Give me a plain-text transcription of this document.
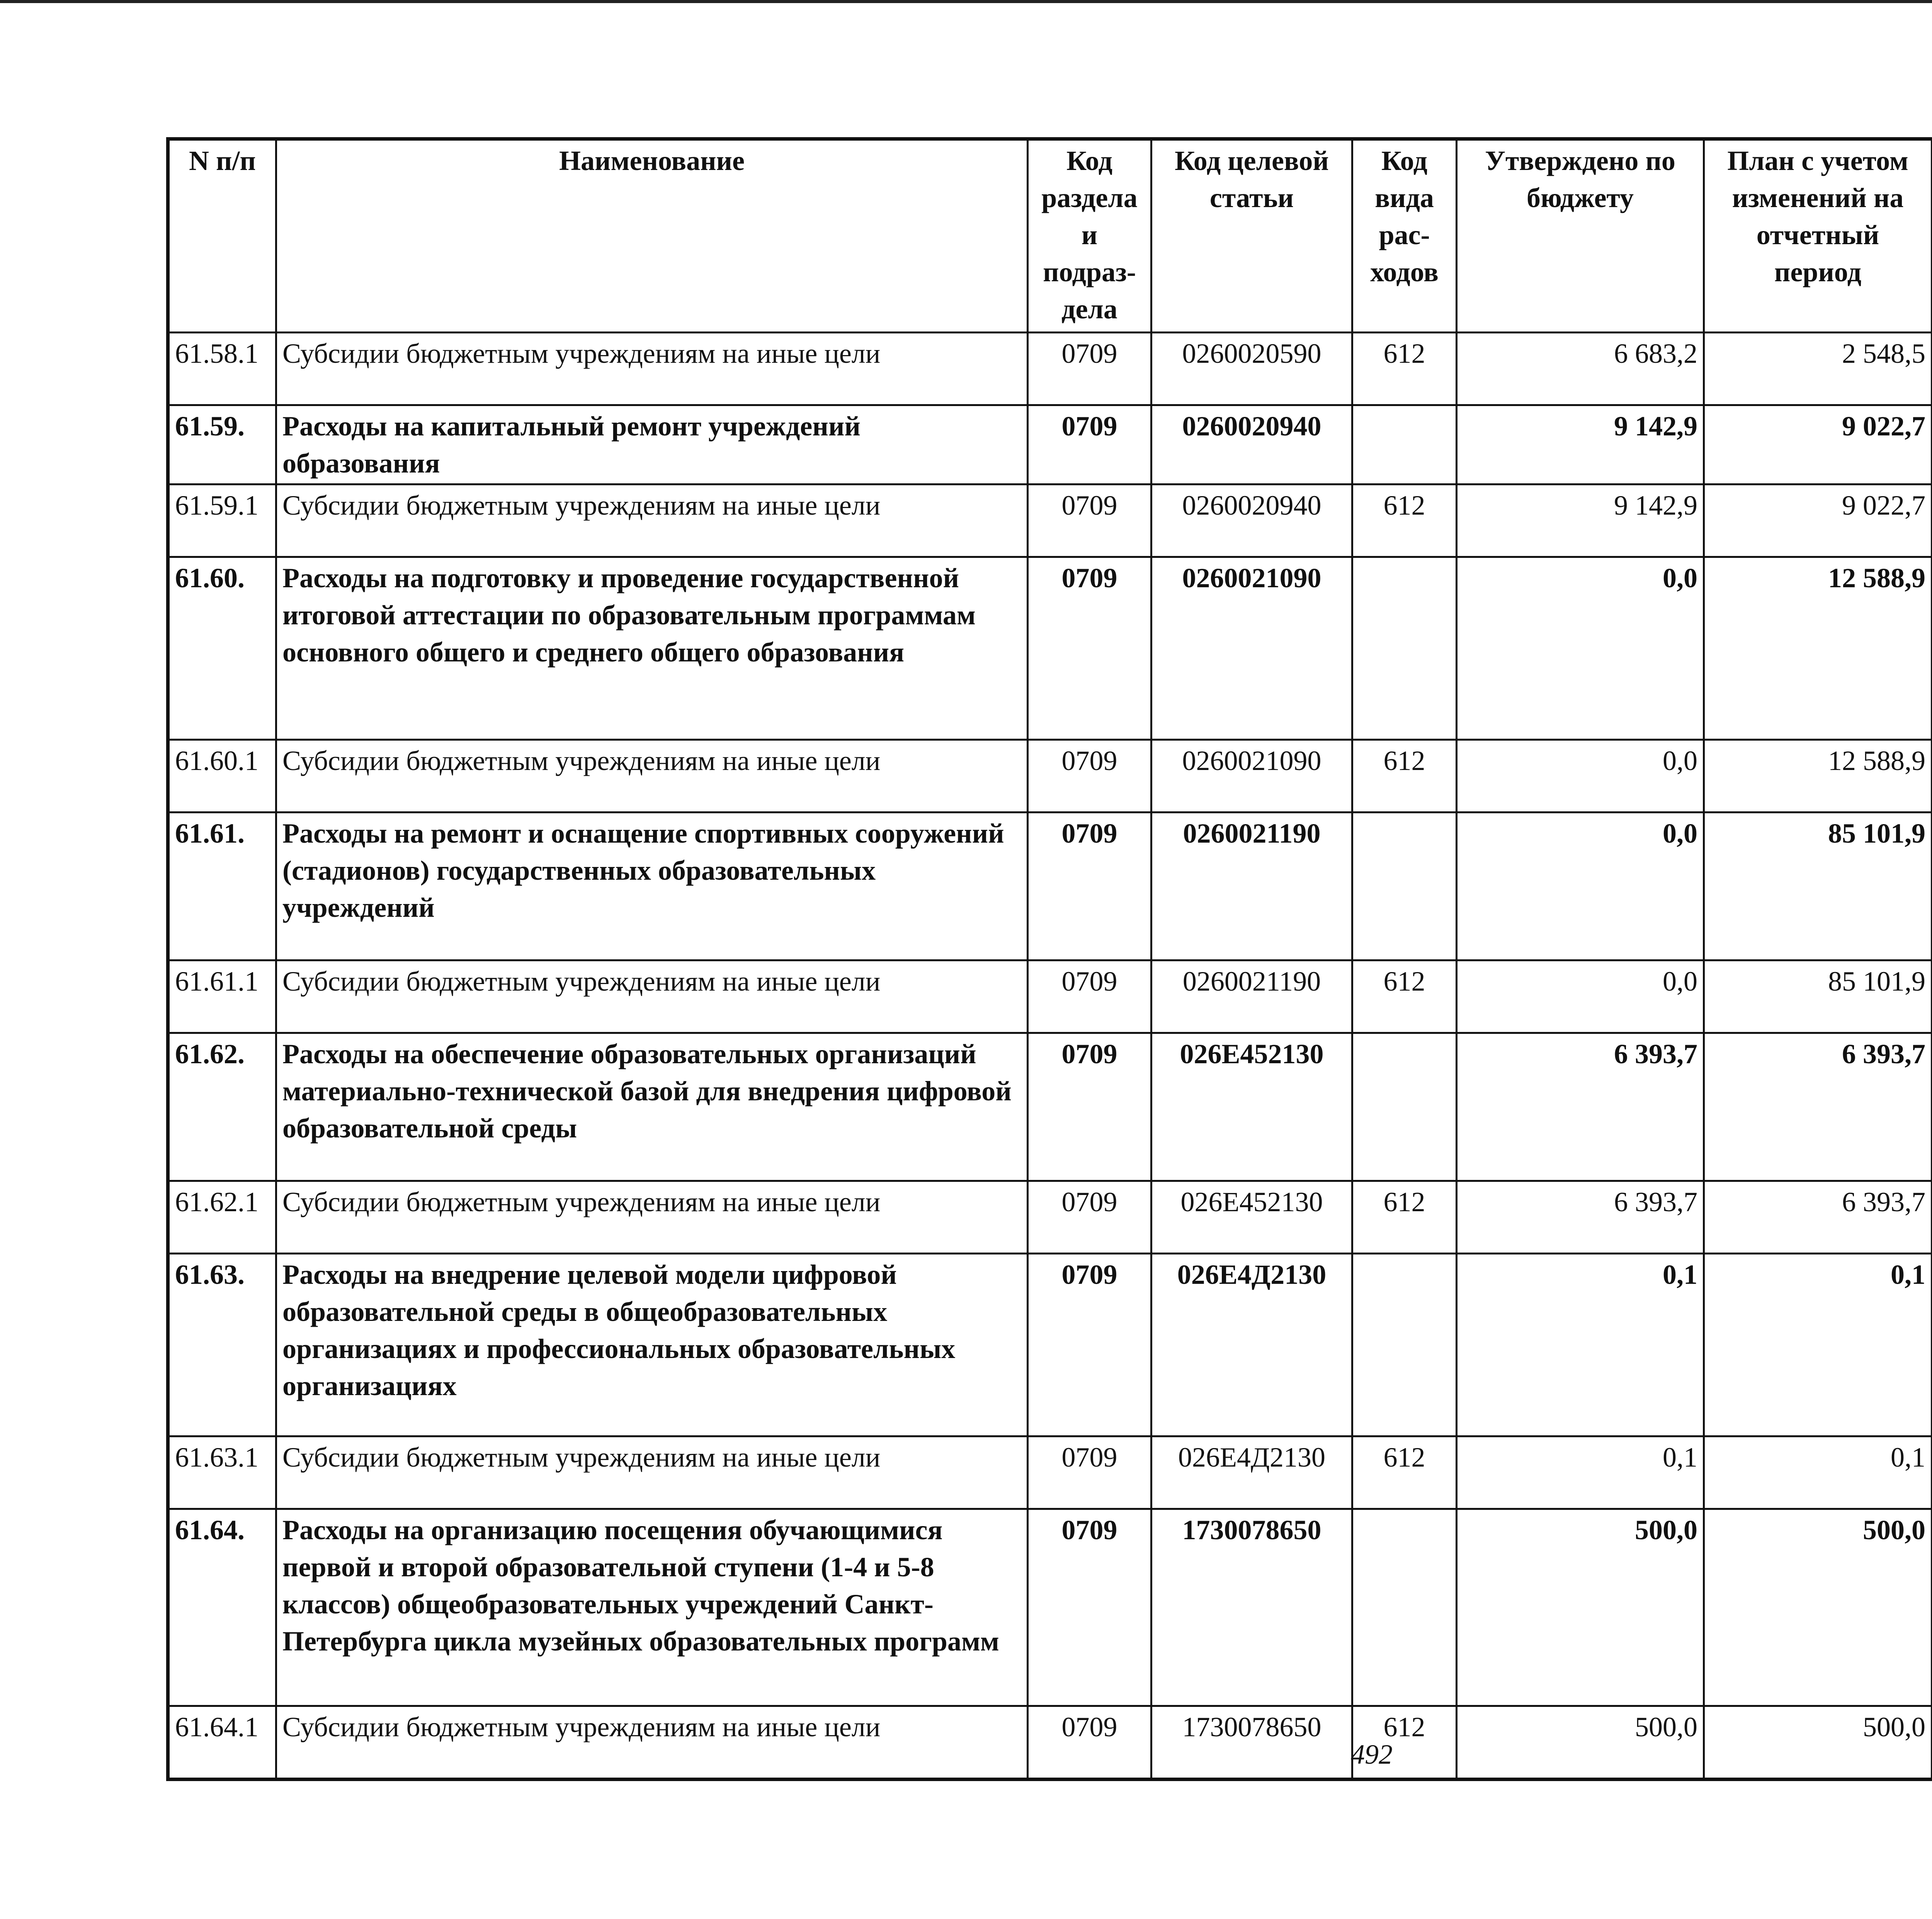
N п/п	Наименование	Код раздела и подраз-дела	Код целевой статьи	Код вида рас-ходов	Утверждено по бюджету	План с учетом изменений на отчетный период		

61.58.1	Субсидии бюджетным учреждениям на иные цели	0709	0260020590	612	6 683,2	2 548,5			
61.59.	Расходы на капитальный ремонт учреждений образования	0709	0260020940		9 142,9	9 022,7			
61.59.1	Субсидии бюджетным учреждениям на иные цели	0709	0260020940	612	9 142,9	9 022,7			
61.60.	Расходы на подготовку и проведение государственной итоговой аттестации по образовательным программам основного общего и среднего общего образования	0709	0260021090		0,0	12 588,9			
61.60.1	Субсидии бюджетным учреждениям на иные цели	0709	0260021090	612	0,0	12 588,9			
61.61.	Расходы на ремонт и оснащение спортивных сооружений (стадионов) государственных образовательных учреждений	0709	0260021190		0,0	85 101,9			
61.61.1	Субсидии бюджетным учреждениям на иные цели	0709	0260021190	612	0,0	85 101,9			
61.62.	Расходы на обеспечение образовательных организаций материально-технической базой для внедрения цифровой образовательной среды	0709	026E452130		6 393,7	6 393,7			
61.62.1	Субсидии бюджетным учреждениям на иные цели	0709	026E452130	612	6 393,7	6 393,7			
61.63.	Расходы на внедрение целевой модели цифровой образовательной среды в общеобразовательных организациях и профессиональных образовательных организациях	0709	026E4Д2130		0,1	0,1			
61.63.1	Субсидии бюджетным учреждениям на иные цели	0709	026E4Д2130	612	0,1	0,1			
61.64.	Расходы на организацию посещения обучающимися первой и второй образовательной ступени (1-4 и 5-8 классов) общеобразовательных учреждений Санкт-Петербурга цикла музейных образовательных программ	0709	1730078650		500,0	500,0			
61.64.1	Субсидии бюджетным учреждениям на иные цели	0709	1730078650	612	500,0	500,0			
492
